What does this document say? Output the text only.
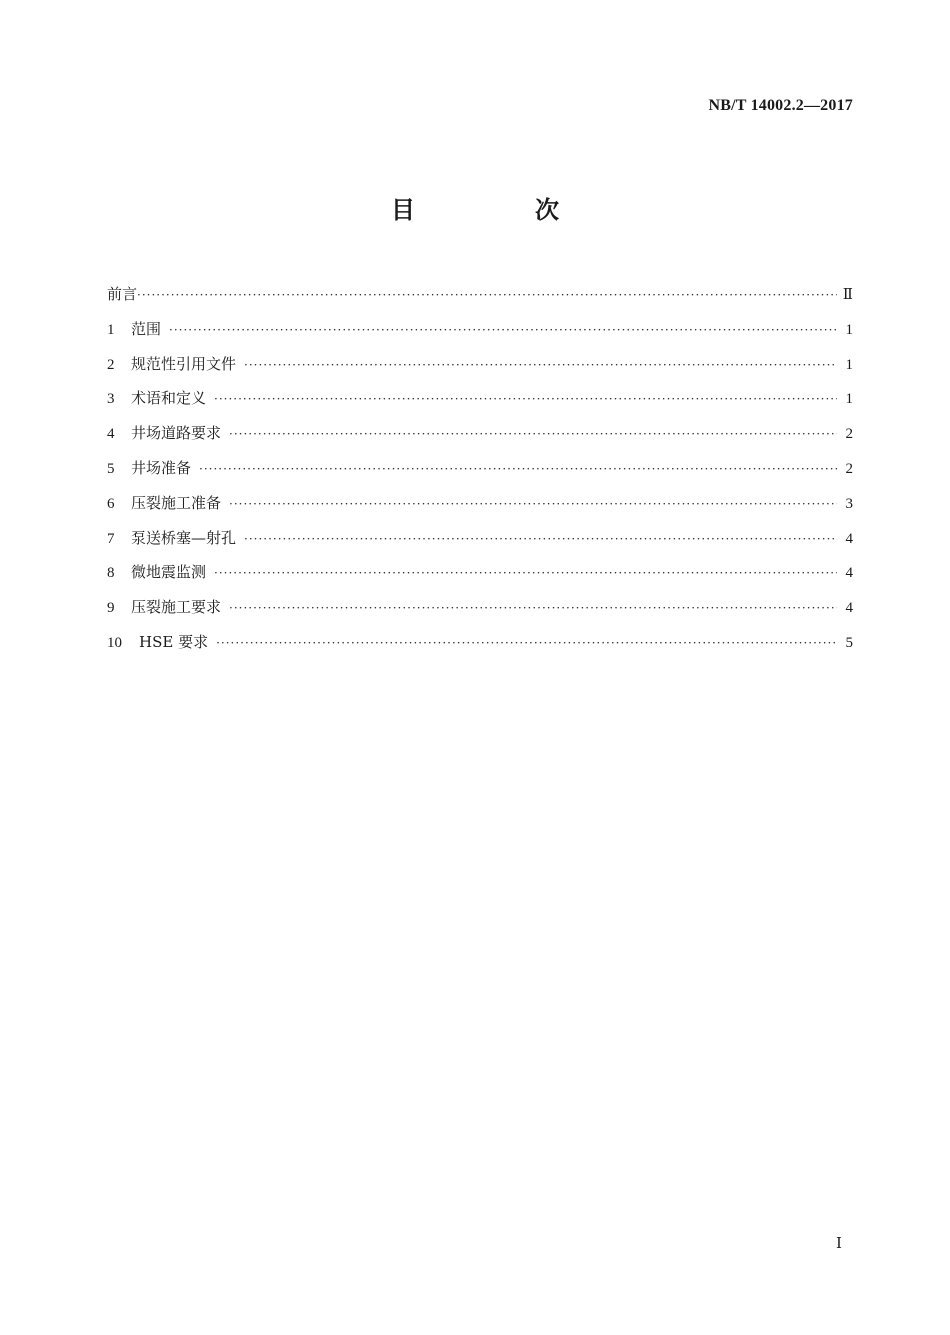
NB/T 14002.2—2017
目　次
前言 ·····	Ⅱ
1	范围 ·····	1
2	规范性引用文件 ·····	1
3	术语和定义 ·····	1
4	井场道路要求 ·····	2
5	井场准备 ·····	2
6	压裂施工准备 ·····	3
7	泵送桥塞—射孔 ·····	4
8	微地震监测 ·····	4
9	压裂施工要求 ·····	4
10	HSE 要求 ·····	5
Ⅰ
